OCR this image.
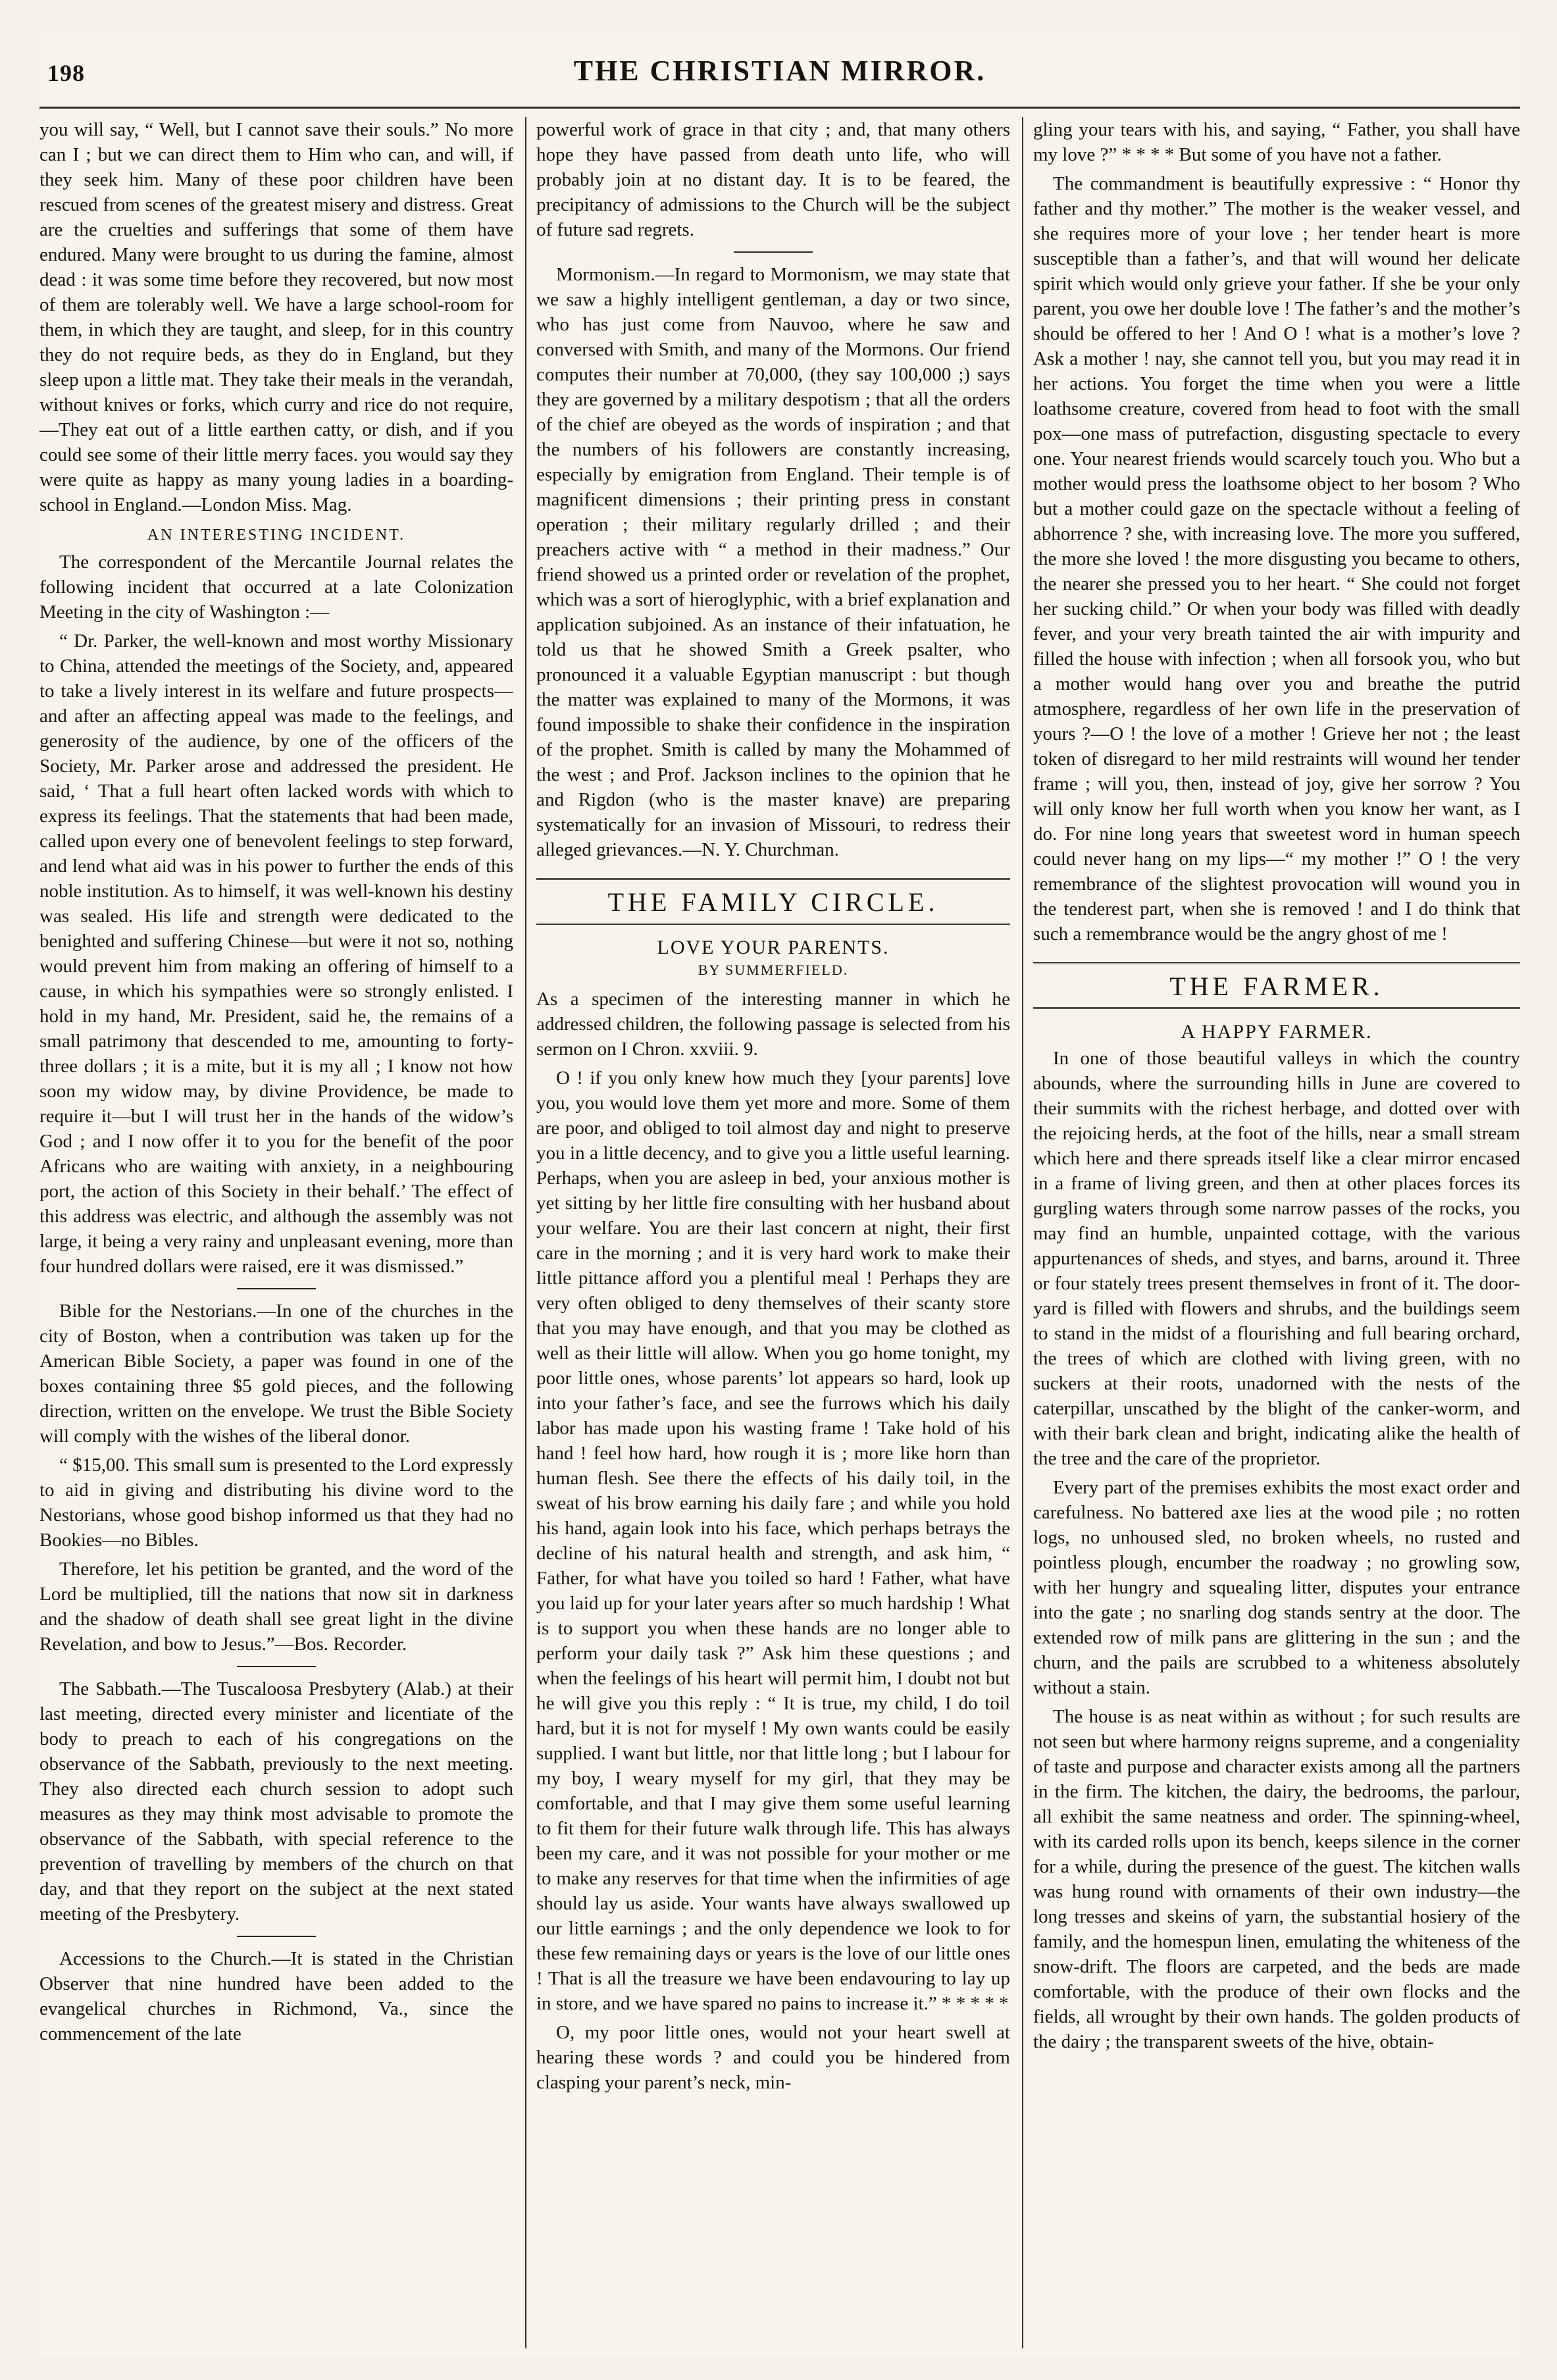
198	THE CHRISTIAN MIRROR.

you will say, “ Well, but I cannot save their souls.” No more can I ; but we can direct them to Him who can, and will, if they seek him. Many of these poor children have been rescued from scenes of the greatest misery and distress. Great are the cruelties and sufferings that some of them have endured. Many were brought to us during the famine, almost dead : it was some time before they recovered, but now most of them are tolerably well. We have a large school-room for them, in which they are taught, and sleep, for in this country they do not require beds, as they do in England, but they sleep upon a little mat. They take their meals in the verandah, without knives or forks, which curry and rice do not require,—They eat out of a little earthen catty, or dish, and if you could see some of their little merry faces. you would say they were quite as happy as many young ladies in a boarding-school in England.—London Miss. Mag.

AN INTERESTING INCIDENT.

The correspondent of the Mercantile Journal relates the following incident that occurred at a late Colonization Meeting in the city of Washington :—

“ Dr. Parker, the well-known and most worthy Missionary to China, attended the meetings of the Society, and, appeared to take a lively interest in its welfare and future prospects—and after an affecting appeal was made to the feelings, and generosity of the audience, by one of the officers of the Society, Mr. Parker arose and addressed the president. He said, ‘ That a full heart often lacked words with which to express its feelings. That the statements that had been made, called upon every one of benevolent feelings to step forward, and lend what aid was in his power to further the ends of this noble institution. As to himself, it was well-known his destiny was sealed. His life and strength were dedicated to the benighted and suffering Chinese—but were it not so, nothing would prevent him from making an offering of himself to a cause, in which his sympathies were so strongly enlisted. I hold in my hand, Mr. President, said he, the remains of a small patrimony that descended to me, amounting to forty-three dollars ; it is a mite, but it is my all ; I know not how soon my widow may, by divine Providence, be made to require it—but I will trust her in the hands of the widow’s God ; and I now offer it to you for the benefit of the poor Africans who are waiting with anxiety, in a neighbouring port, the action of this Society in their behalf.’ The effect of this address was electric, and although the assembly was not large, it being a very rainy and unpleasant evening, more than four hundred dollars were raised, ere it was dismissed.”

Bible for the Nestorians.—In one of the churches in the city of Boston, when a contribution was taken up for the American Bible Society, a paper was found in one of the boxes containing three $5 gold pieces, and the following direction, written on the envelope. We trust the Bible Society will comply with the wishes of the liberal donor.

“ $15,00. This small sum is presented to the Lord expressly to aid in giving and distributing his divine word to the Nestorians, whose good bishop informed us that they had no Bookies—no Bibles.

Therefore, let his petition be granted, and the word of the Lord be multiplied, till the nations that now sit in darkness and the shadow of death shall see great light in the divine Revelation, and bow to Jesus.”—Bos. Recorder.

The Sabbath.—The Tuscaloosa Presbytery (Alab.) at their last meeting, directed every minister and licentiate of the body to preach to each of his congregations on the observance of the Sabbath, previously to the next meeting. They also directed each church session to adopt such measures as they may think most advisable to promote the observance of the Sabbath, with special reference to the prevention of travelling by members of the church on that day, and that they report on the subject at the next stated meeting of the Presbytery.

Accessions to the Church.—It is stated in the Christian Observer that nine hundred have been added to the evangelical churches in Richmond, Va., since the commencement of the late

powerful work of grace in that city ; and, that many others hope they have passed from death unto life, who will probably join at no distant day. It is to be feared, the precipitancy of admissions to the Church will be the subject of future sad regrets.

Mormonism.—In regard to Mormonism, we may state that we saw a highly intelligent gentleman, a day or two since, who has just come from Nauvoo, where he saw and conversed with Smith, and many of the Mormons. Our friend computes their number at 70,000, (they say 100,000 ;) says they are governed by a military despotism ; that all the orders of the chief are obeyed as the words of inspiration ; and that the numbers of his followers are constantly increasing, especially by emigration from England. Their temple is of magnificent dimensions ; their printing press in constant operation ; their military regularly drilled ; and their preachers active with “ a method in their madness.” Our friend showed us a printed order or revelation of the prophet, which was a sort of hieroglyphic, with a brief explanation and application subjoined. As an instance of their infatuation, he told us that he showed Smith a Greek psalter, who pronounced it a valuable Egyptian manuscript : but though the matter was explained to many of the Mormons, it was found impossible to shake their confidence in the inspiration of the prophet. Smith is called by many the Mohammed of the west ; and Prof. Jackson inclines to the opinion that he and Rigdon (who is the master knave) are preparing systematically for an invasion of Missouri, to redress their alleged grievances.—N. Y. Churchman.

THE FAMILY CIRCLE.
LOVE YOUR PARENTS.
BY SUMMERFIELD.

As a specimen of the interesting manner in which he addressed children, the following passage is selected from his sermon on I Chron. xxviii. 9.

O ! if you only knew how much they [your parents] love you, you would love them yet more and more. Some of them are poor, and obliged to toil almost day and night to preserve you in a little decency, and to give you a little useful learning. Perhaps, when you are asleep in bed, your anxious mother is yet sitting by her little fire consulting with her husband about your welfare. You are their last concern at night, their first care in the morning ; and it is very hard work to make their little pittance afford you a plentiful meal ! Perhaps they are very often obliged to deny themselves of their scanty store that you may have enough, and that you may be clothed as well as their little will allow. When you go home tonight, my poor little ones, whose parents’ lot appears so hard, look up into your father’s face, and see the furrows which his daily labor has made upon his wasting frame ! Take hold of his hand ! feel how hard, how rough it is ; more like horn than human flesh. See there the effects of his daily toil, in the sweat of his brow earning his daily fare ; and while you hold his hand, again look into his face, which perhaps betrays the decline of his natural health and strength, and ask him, “ Father, for what have you toiled so hard ! Father, what have you laid up for your later years after so much hardship ! What is to support you when these hands are no longer able to perform your daily task ?” Ask him these questions ; and when the feelings of his heart will permit him, I doubt not but he will give you this reply : “ It is true, my child, I do toil hard, but it is not for myself ! My own wants could be easily supplied. I want but little, nor that little long ; but I labour for my boy, I weary myself for my girl, that they may be comfortable, and that I may give them some useful learning to fit them for their future walk through life. This has always been my care, and it was not possible for your mother or me to make any reserves for that time when the infirmities of age should lay us aside. Your wants have always swallowed up our little earnings ; and the only dependence we look to for these few remaining days or years is the love of our little ones ! That is all the treasure we have been endavouring to lay up in store, and we have spared no pains to increase it.” * * * * *

O, my poor little ones, would not your heart swell at hearing these words ? and could you be hindered from clasping your parent’s neck, min-

gling your tears with his, and saying, “ Father, you shall have my love ?” * * * * But some of you have not a father.

The commandment is beautifully expressive : “ Honor thy father and thy mother.” The mother is the weaker vessel, and she requires more of your love ; her tender heart is more susceptible than a father’s, and that will wound her delicate spirit which would only grieve your father. If she be your only parent, you owe her double love ! The father’s and the mother’s should be offered to her ! And O ! what is a mother’s love ? Ask a mother ! nay, she cannot tell you, but you may read it in her actions. You forget the time when you were a little loathsome creature, covered from head to foot with the small pox—one mass of putrefaction, disgusting spectacle to every one. Your nearest friends would scarcely touch you. Who but a mother would press the loathsome object to her bosom ? Who but a mother could gaze on the spectacle without a feeling of abhorrence ? she, with increasing love. The more you suffered, the more she loved ! the more disgusting you became to others, the nearer she pressed you to her heart. “ She could not forget her sucking child.” Or when your body was filled with deadly fever, and your very breath tainted the air with impurity and filled the house with infection ; when all forsook you, who but a mother would hang over you and breathe the putrid atmosphere, regardless of her own life in the preservation of yours ?—O ! the love of a mother ! Grieve her not ; the least token of disregard to her mild restraints will wound her tender frame ; will you, then, instead of joy, give her sorrow ? You will only know her full worth when you know her want, as I do. For nine long years that sweetest word in human speech could never hang on my lips—“ my mother !” O ! the very remembrance of the slightest provocation will wound you in the tenderest part, when she is removed ! and I do think that such a remembrance would be the angry ghost of me !

THE FARMER.
A HAPPY FARMER.

In one of those beautiful valleys in which the country abounds, where the surrounding hills in June are covered to their summits with the richest herbage, and dotted over with the rejoicing herds, at the foot of the hills, near a small stream which here and there spreads itself like a clear mirror encased in a frame of living green, and then at other places forces its gurgling waters through some narrow passes of the rocks, you may find an humble, unpainted cottage, with the various appurtenances of sheds, and styes, and barns, around it. Three or four stately trees present themselves in front of it. The door-yard is filled with flowers and shrubs, and the buildings seem to stand in the midst of a flourishing and full bearing orchard, the trees of which are clothed with living green, with no suckers at their roots, unadorned with the nests of the caterpillar, unscathed by the blight of the canker-worm, and with their bark clean and bright, indicating alike the health of the tree and the care of the proprietor.

Every part of the premises exhibits the most exact order and carefulness. No battered axe lies at the wood pile ; no rotten logs, no unhoused sled, no broken wheels, no rusted and pointless plough, encumber the roadway ; no growling sow, with her hungry and squealing litter, disputes your entrance into the gate ; no snarling dog stands sentry at the door. The extended row of milk pans are glittering in the sun ; and the churn, and the pails are scrubbed to a whiteness absolutely without a stain.

The house is as neat within as without ; for such results are not seen but where harmony reigns supreme, and a congeniality of taste and purpose and character exists among all the partners in the firm. The kitchen, the dairy, the bedrooms, the parlour, all exhibit the same neatness and order. The spinning-wheel, with its carded rolls upon its bench, keeps silence in the corner for a while, during the presence of the guest. The kitchen walls was hung round with ornaments of their own industry—the long tresses and skeins of yarn, the substantial hosiery of the family, and the homespun linen, emulating the whiteness of the snow-drift. The floors are carpeted, and the beds are made comfortable, with the produce of their own flocks and the fields, all wrought by their own hands. The golden products of the dairy ; the transparent sweets of the hive, obtain-
